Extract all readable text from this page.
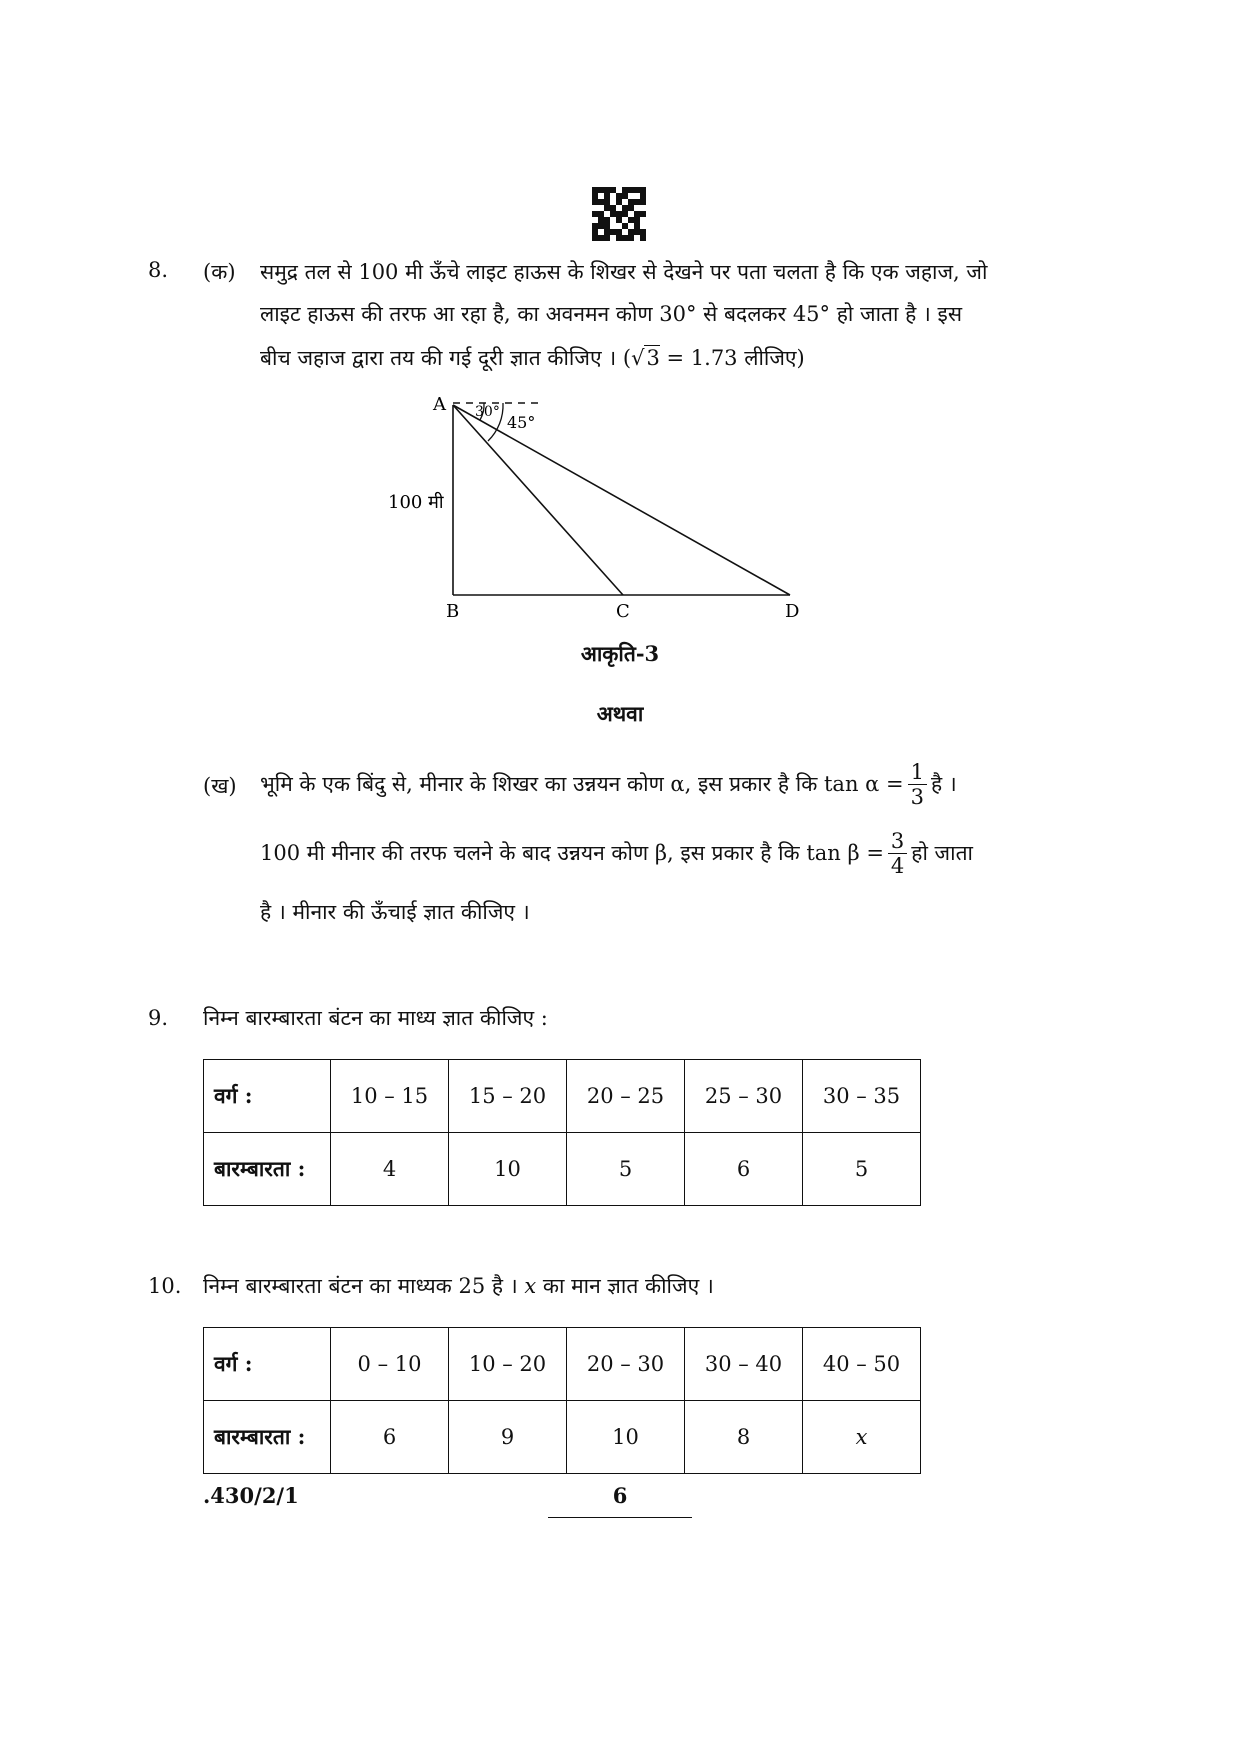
8. (क) समुद्र तल से 100 मी ऊँचे लाइट हाऊस के शिखर से देखने पर पता चलता है कि एक जहाज, जो
लाइट हाऊस की तरफ आ रहा है, का अवनमन कोण 30° से बदलकर 45° हो जाता है । इस
बीच जहाज द्वारा तय की गई दूरी ज्ञात कीजिए । (√3 = 1.73 लीजिए)
A
B	C	D
30°
45°
100 मी
आकृति-3
अथवा
(ख) भूमि के एक बिंदु से, मीनार के शिखर का उन्नयन कोण α, इस प्रकार है कि $\tan \alpha = \frac{1}{3}$ है ।
100 मी मीनार की तरफ चलने के बाद उन्नयन कोण β, इस प्रकार है कि $\tan \beta = \frac{3}{4}$ हो जाता
है । मीनार की ऊँचाई ज्ञात कीजिए ।
9. निम्न बारम्बारता बंटन का माध्य ज्ञात कीजिए :
वर्ग :	10 – 15	15 – 20	20 – 25	25 – 30	30 – 35
बारम्बारता :	4	10	5	6	5
10. निम्न बारम्बारता बंटन का माध्यक 25 है । x का मान ज्ञात कीजिए ।
वर्ग :	0 – 10	10 – 20	20 – 30	30 – 40	40 – 50
बारम्बारता :	6	9	10	8	x
.430/2/1	6
